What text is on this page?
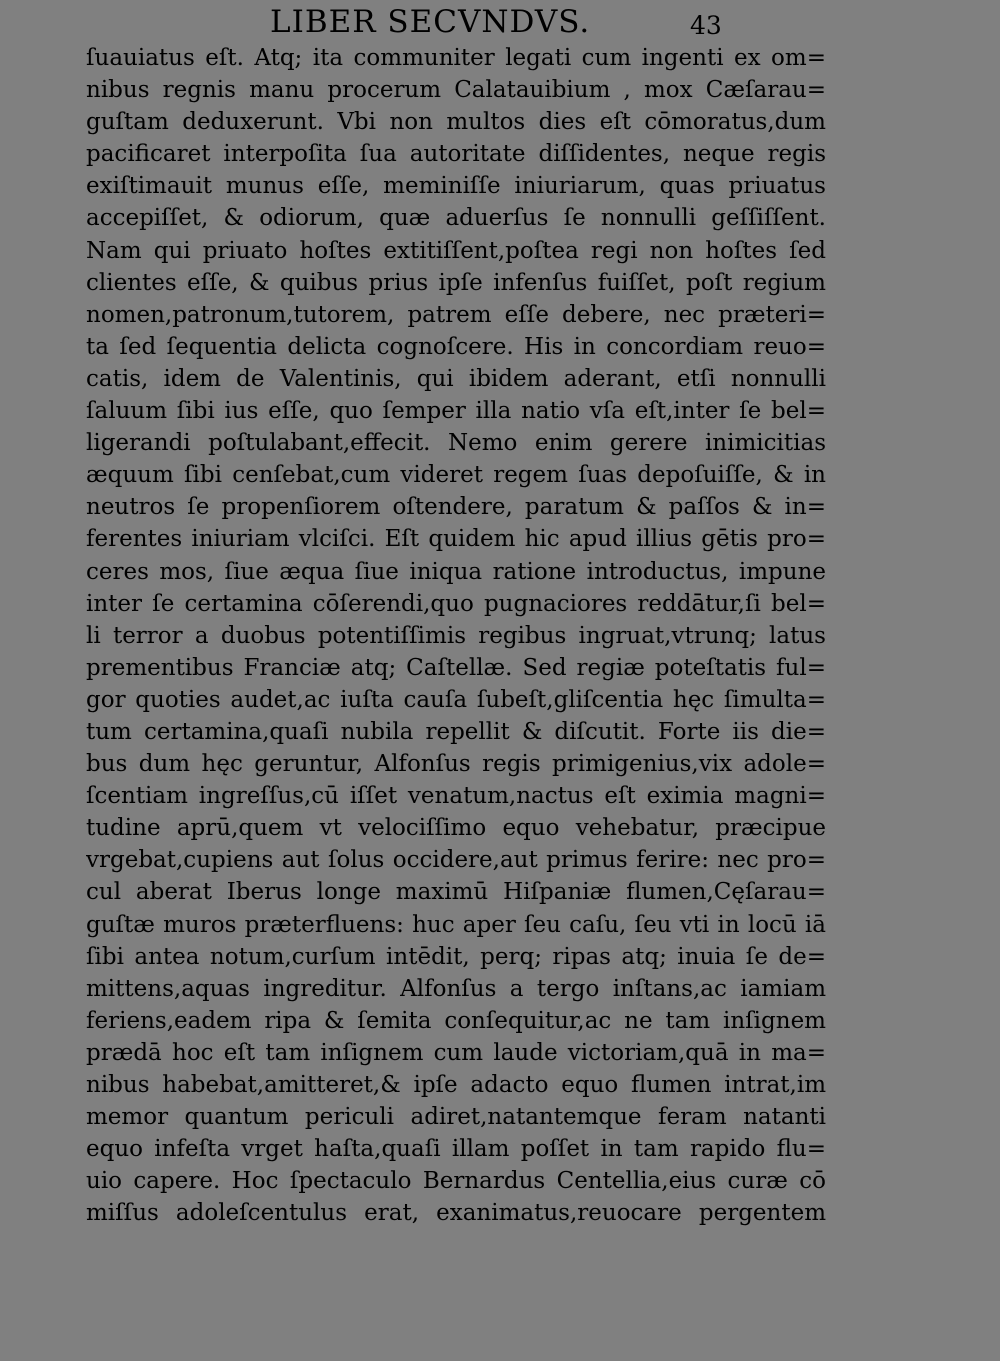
LIBER SECVNDVS.	43
ſuauiatus eſt. Atq; ita communiter legati cum ingenti ex om=
nibus regnis manu procerum Calatauibium , mox Cæſarau=
guſtam deduxerunt. Vbi non multos dies eſt cōmoratus,dum
pacificaret interpoſita ſua autoritate diſſidentes, neque regis
exiſtimauit munus eſſe, meminiſſe iniuriarum, quas priuatus
accepiſſet, & odiorum, quæ aduerſus ſe nonnulli geſſiſſent.
Nam qui priuato hoſtes extitiſſent,poſtea regi non hoſtes ſed
clientes eſſe, & quibus prius ipſe infenſus fuiſſet, poſt regium
nomen,patronum,tutorem, patrem eſſe debere, nec præteri=
ta ſed ſequentia delicta cognoſcere. His in concordiam reuo=
catis, idem de Valentinis, qui ibidem aderant, etſi nonnulli
ſaluum ſibi ius eſſe, quo ſemper illa natio vſa eſt,inter ſe bel=
ligerandi poſtulabant,effecit. Nemo enim gerere inimicitias
æquum ſibi cenſebat,cum videret regem ſuas depoſuiſſe, & in
neutros ſe propenſiorem oſtendere, paratum & paſſos & in=
ferentes iniuriam vlciſci. Eſt quidem hic apud illius gētis pro=
ceres mos, ſiue æqua ſiue iniqua ratione introductus, impune
inter ſe certamina cōſerendi,quo pugnaciores reddātur,ſi bel=
li terror a duobus potentiſſimis regibus ingruat,vtrunq; latus
prementibus Franciæ atq; Caſtellæ. Sed regiæ poteſtatis ful=
gor quoties audet,ac iuſta cauſa ſubeſt,gliſcentia hęc ſimulta=
tum certamina,quaſi nubila repellit & diſcutit. Forte iis die=
bus dum hęc geruntur, Alfonſus regis primigenius,vix adole=
ſcentiam ingreſſus,cū iſſet venatum,nactus eſt eximia magni=
tudine aprū,quem vt velociſſimo equo vehebatur, præcipue
vrgebat,cupiens aut ſolus occidere,aut primus ferire: nec pro=
cul aberat Iberus longe maximū Hiſpaniæ flumen,Cęſarau=
guſtæ muros præterfluens: huc aper ſeu caſu, ſeu vti in locū iā
ſibi antea notum,curſum intēdit, perq; ripas atq; inuia ſe de=
mittens,aquas ingreditur. Alfonſus a tergo inſtans,ac iamiam
feriens,eadem ripa & ſemita conſequitur,ac ne tam inſignem
prædā hoc eſt tam inſignem cum laude victoriam,quā in ma=
nibus habebat,amitteret,& ipſe adacto equo flumen intrat,im
memor quantum periculi adiret,natantemque feram natanti
equo infeſta vrget haſta,quaſi illam poſſet in tam rapido flu=
uio capere. Hoc ſpectaculo Bernardus Centellia,eius curæ cō
miſſus adoleſcentulus erat, exanimatus,reuocare pergentem
